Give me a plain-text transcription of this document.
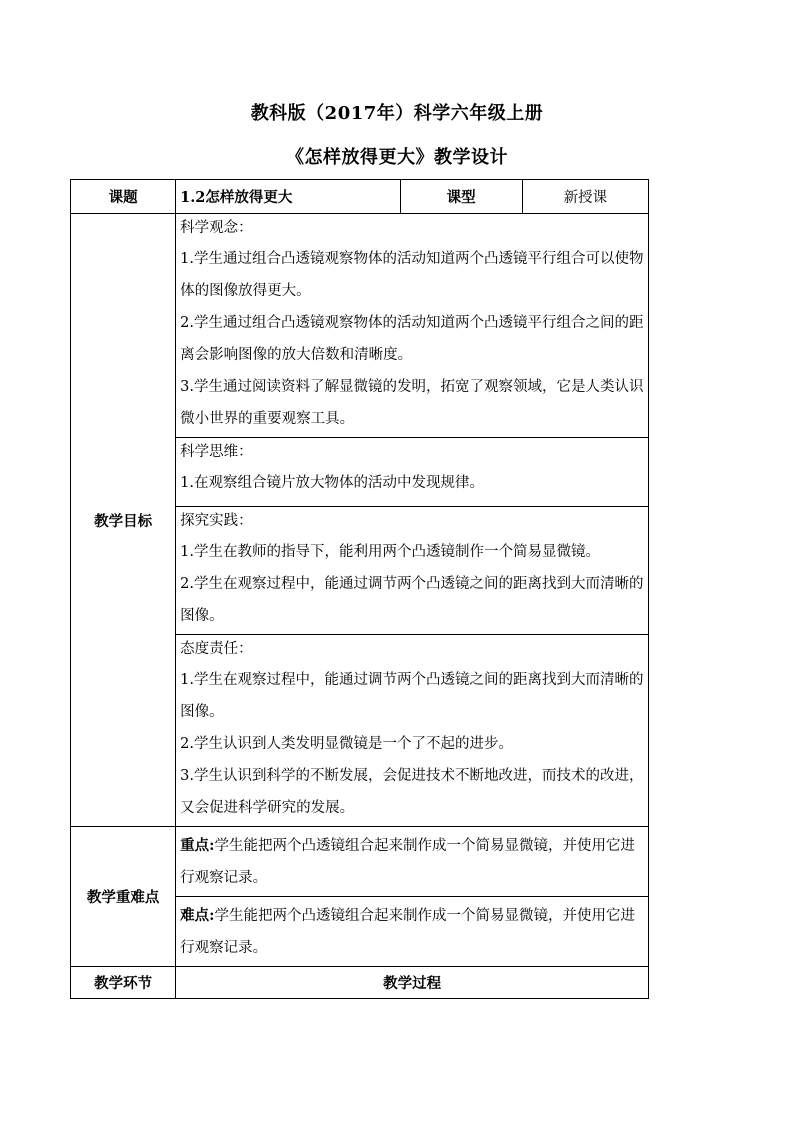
教科版（2017年）科学六年级上册
《怎样放得更大》教学设计
课题	1.2怎样放得更大	课型	新授课
教学目标	科学观念：
1.学生通过组合凸透镜观察物体的活动知道两个凸透镜平行组合可以使物体的图像放得更大。
2.学生通过组合凸透镜观察物体的活动知道两个凸透镜平行组合之间的距离会影响图像的放大倍数和清晰度。
3.学生通过阅读资料了解显微镜的发明，拓宽了观察领域，它是人类认识微小世界的重要观察工具。		

	科学思维：
1.在观察组合镜片放大物体的活动中发现规律。		

	探究实践：
1.学生在教师的指导下，能利用两个凸透镜制作一个简易显微镜。
2.学生在观察过程中，能通过调节两个凸透镜之间的距离找到大而清晰的图像。		

	态度责任：
1.学生在观察过程中，能通过调节两个凸透镜之间的距离找到大而清晰的图像。
2.学生认识到人类发明显微镜是一个了不起的进步。
3.学生认识到科学的不断发展，会促进技术不断地改进，而技术的改进，又会促进科学研究的发展。		

教学重难点	重点:学生能把两个凸透镜组合起来制作成一个简易显微镜，并使用它进行观察记录。		

	难点:学生能把两个凸透镜组合起来制作成一个简易显微镜，并使用它进行观察记录。		

教学环节	教学过程		
